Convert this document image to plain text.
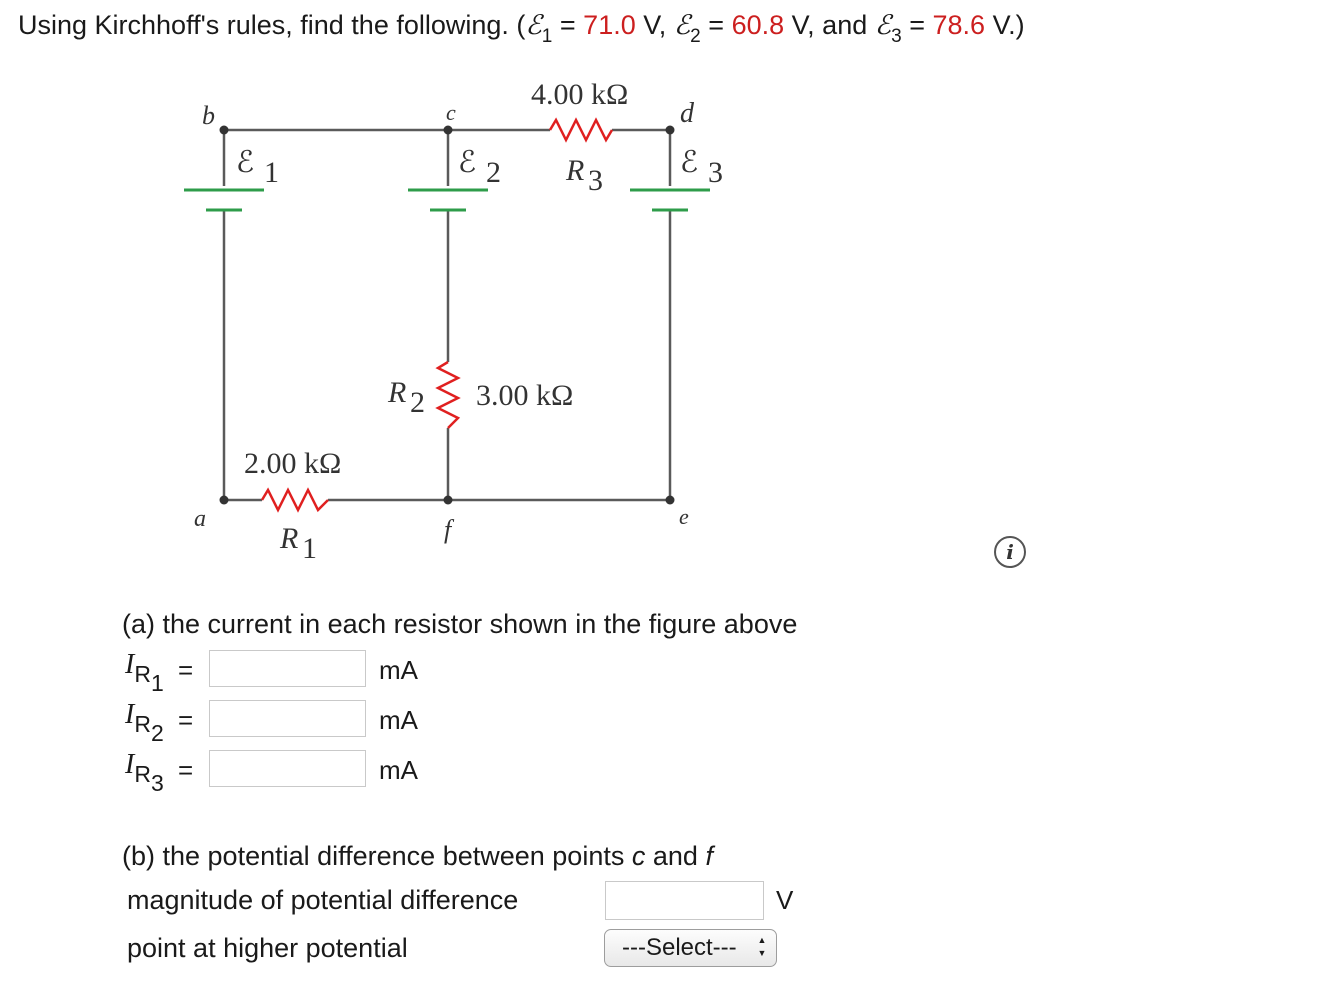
Using Kirchhoff's rules, find the following. (ℰ$_1$ = 71.0 V, ℰ$_2$ = 60.8 V, and ℰ$_3$ = 78.6 V.)
b	c	d
a	f	e
ℰ 1	ℰ 2	ℰ 3
4.00 kΩ
R 3
2.00 kΩ
R 1
R 2 3.00 kΩ
i
(a) the current in each resistor shown in the figure above
$I_{R1}$ =	mA
$I_{R2}$ =	mA
$I_{R3}$ =	mA
(b) the potential difference between points c and f
magnitude of potential difference	V
point at higher potential	---Select--- ▲▼
